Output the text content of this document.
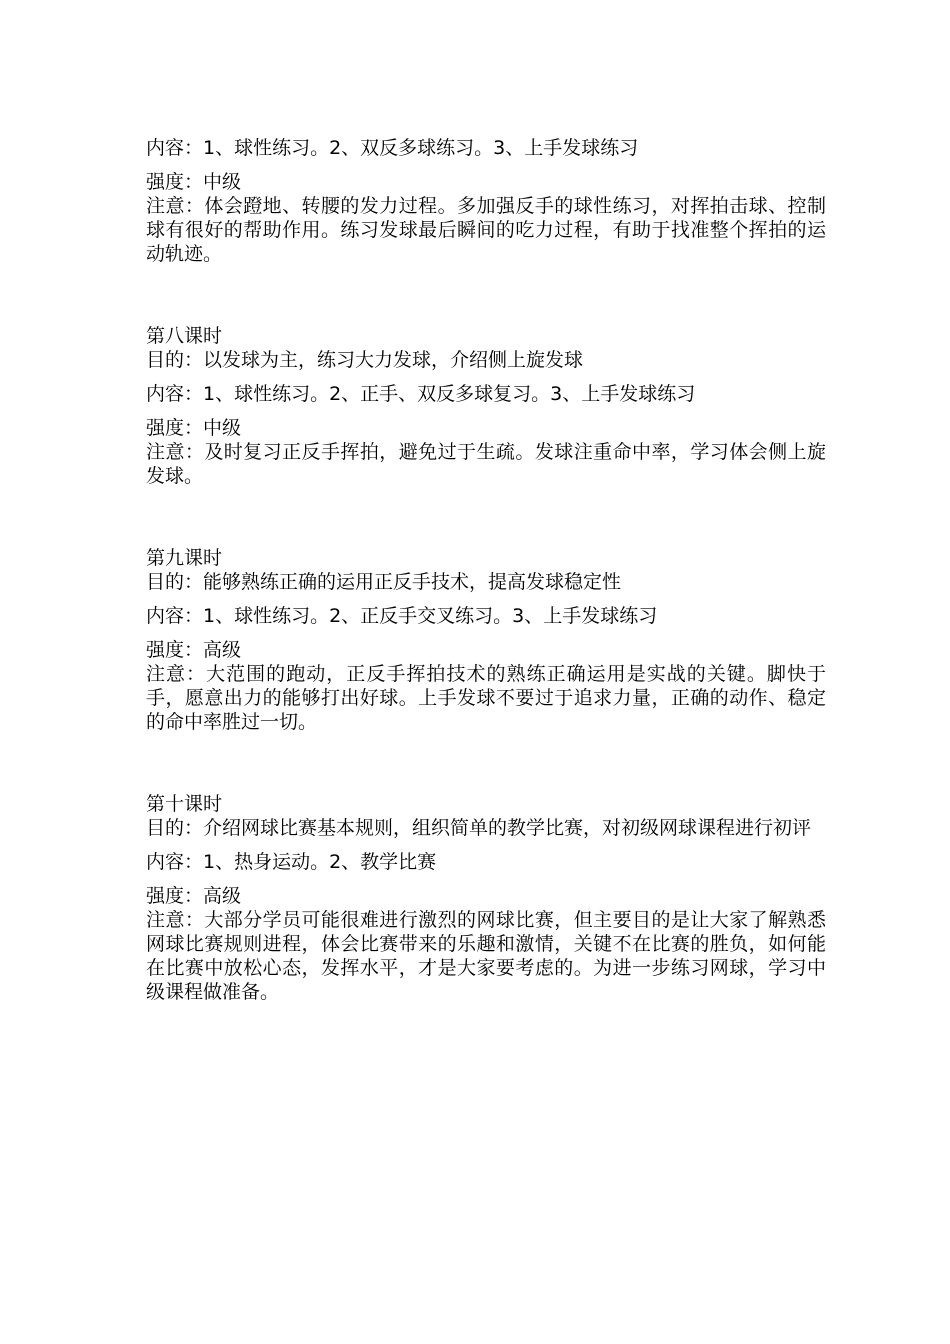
内容：1、球性练习。2、双反多球练习。3、上手发球练习

强度：中级

注意：体会蹬地、转腰的发力过程。多加强反手的球性练习，对挥拍击球、控制球有很好的帮助作用。练习发球最后瞬间的吃力过程，有助于找准整个挥拍的运动轨迹。

第八课时

目的：以发球为主，练习大力发球，介绍侧上旋发球

内容：1、球性练习。2、正手、双反多球复习。3、上手发球练习

强度：中级

注意：及时复习正反手挥拍，避免过于生疏。发球注重命中率，学习体会侧上旋发球。

第九课时

目的：能够熟练正确的运用正反手技术，提高发球稳定性

内容：1、球性练习。2、正反手交叉练习。3、上手发球练习

强度：高级

注意：大范围的跑动，正反手挥拍技术的熟练正确运用是实战的关键。脚快于手，愿意出力的能够打出好球。上手发球不要过于追求力量，正确的动作、稳定的命中率胜过一切。

第十课时

目的：介绍网球比赛基本规则，组织简单的教学比赛，对初级网球课程进行初评

内容：1、热身运动。2、教学比赛

强度：高级

注意：大部分学员可能很难进行激烈的网球比赛，但主要目的是让大家了解熟悉网球比赛规则进程，体会比赛带来的乐趣和激情，关键不在比赛的胜负，如何能在比赛中放松心态，发挥水平，才是大家要考虑的。为进一步练习网球，学习中级课程做准备。
